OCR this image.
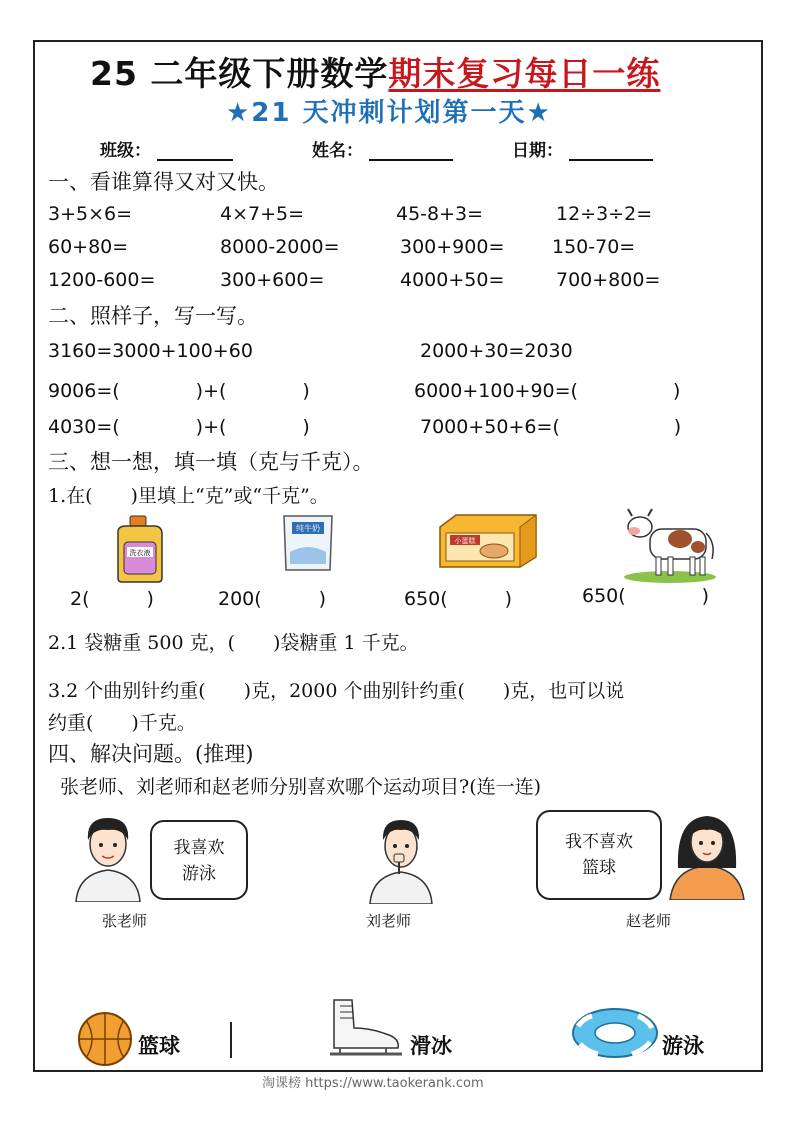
25 二年级下册数学期末复习每日一练
★21 天冲刺计划第一天★
班级：	姓名：	日期：
一、看谁算得又对又快。
3+5×6=	4×7+5=	45-8+3=	12÷3÷2=
60+80=	8000-2000=	300+900=	150-70=
1200-600=	300+600=	4000+50=	700+800=
二、照样子，写一写。
3160=3000+100+60	2000+30=2030
9006=(　　　　)+(　　　　)	6000+100+90=(　　　　　)
4030=(　　　　)+(　　　　)	7000+50+6=(　　　　　　)
三、想一想，填一填（克与千克）。
1.在(　　)里填上“克”或“千克”。
洗衣液
纯牛奶
小蛋糕
2(　　　)	200(　　　)	650(　　　)	650(　　　　)
2.1 袋糖重 500 克，(　　)袋糖重 1 千克。
3.2 个曲别针约重(　　)克，2000 个曲别针约重(　　)克，也可以说
约重(　　)千克。
四、解决问题。(推理)
张老师、刘老师和赵老师分别喜欢哪个运动项目?(连一连)
我喜欢
游泳
张老师	刘老师
我不喜欢
篮球
赵老师
篮球	滑冰	游泳
淘课榜 https://www.taokerank.com
